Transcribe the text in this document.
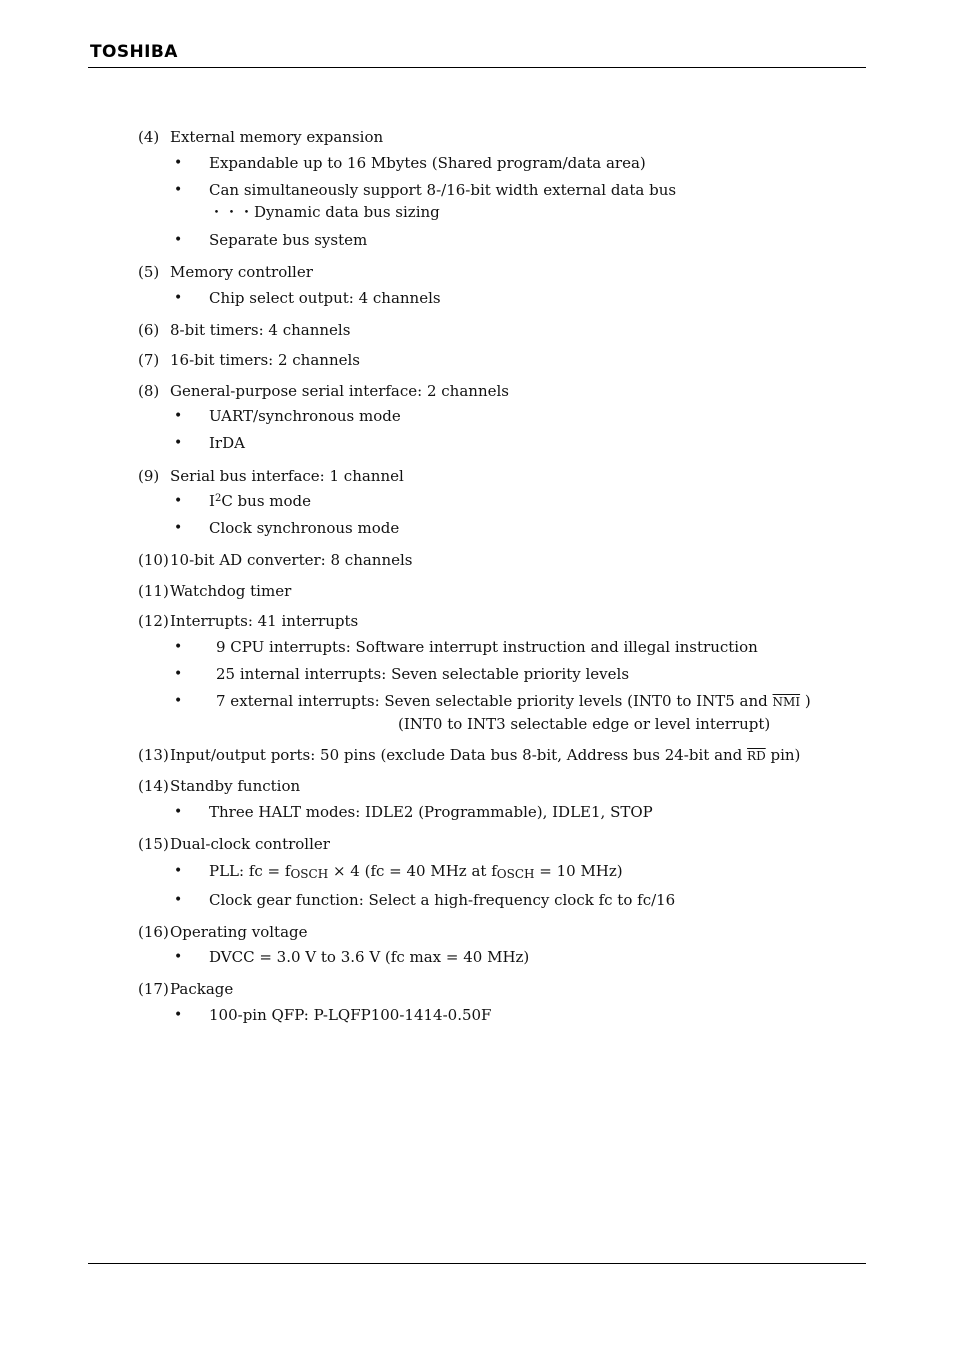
TOSHIBA
(4) External memory expansion
• Expandable up to 16 Mbytes (Shared program/data area)
• Can simultaneously support 8-/16-bit width external data bus
・・・Dynamic data bus sizing
• Separate bus system
(5) Memory controller
• Chip select output: 4 channels
(6) 8-bit timers: 4 channels
(7) 16-bit timers: 2 channels
(8) General-purpose serial interface: 2 channels
• UART/synchronous mode
• IrDA
(9) Serial bus interface: 1 channel
• $I^2C$ bus mode
• Clock synchronous mode
(10) 10-bit AD converter: 8 channels
(11) Watchdog timer
(12) Interrupts: 41 interrupts
• 9 CPU interrupts: Software interrupt instruction and illegal instruction
• 25 internal interrupts: Seven selectable priority levels
• 7 external interrupts: Seven selectable priority levels (INT0 to INT5 and $\overline{NMI}$ )
(INT0 to INT3 selectable edge or level interrupt)
(13) Input/output ports: 50 pins (exclude Data bus 8-bit, Address bus 24-bit and $\overline{RD}$ pin)
(14) Standby function
• Three HALT modes: IDLE2 (Programmable), IDLE1, STOP
(15) Dual-clock controller
• PLL: fc = fOSCH × 4 (fc = 40 MHz at fOSCH = 10 MHz)
• Clock gear function: Select a high-frequency clock fc to fc/16
(16) Operating voltage
• DVCC = 3.0 V to 3.6 V (fc max = 40 MHz)
(17) Package
• 100-pin QFP: P-LQFP100-1414-0.50F
